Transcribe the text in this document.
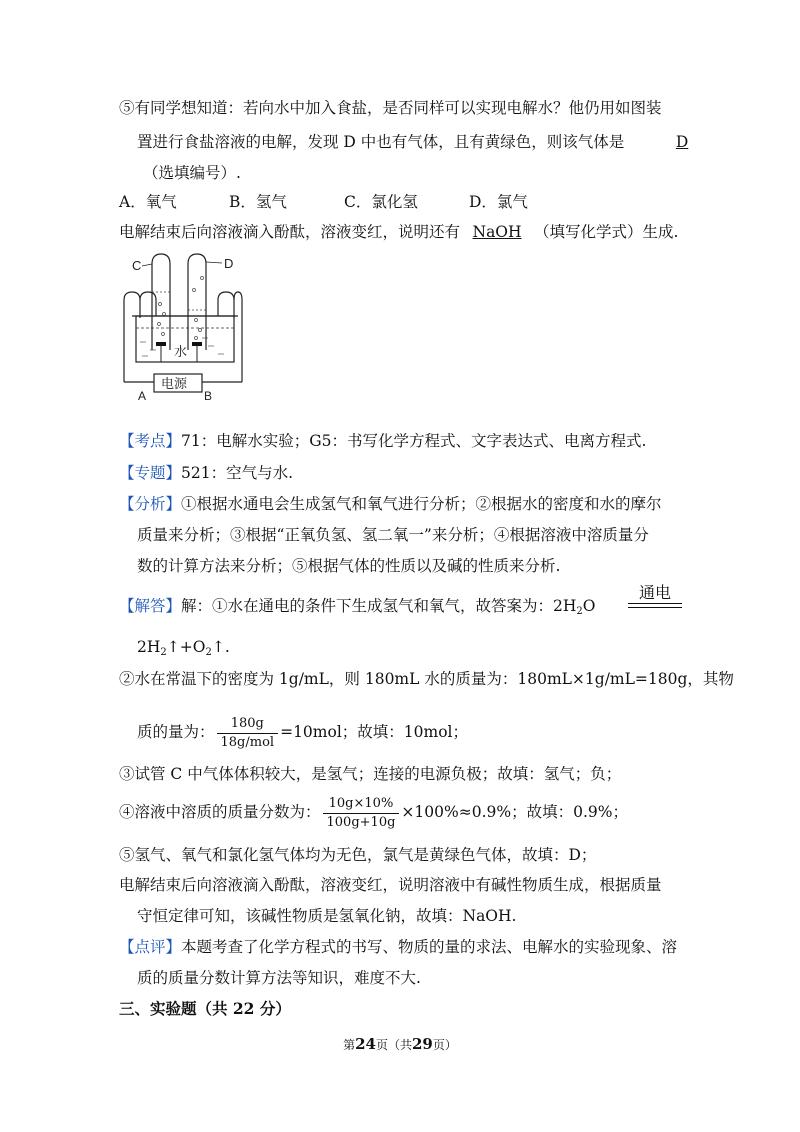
⑤有同学想知道：若向水中加入食盐，是否同样可以实现电解水？他仍用如图装
置进行食盐溶液的电解，发现 D 中也有气体，且有黄绿色，则该气体是	D
（选填编号）.
A．氧气	B．氢气	C．氯化氢	D．氯气
电解结束后向溶液滴入酚酞，溶液变红，说明还有 NaOH （填写化学式）生成.
C	D
水
电源
A	B
【考点】71：电解水实验；G5：书写化学方程式、文字表达式、电离方程式.
【专题】521：空气与水.
【分析】①根据水通电会生成氢气和氧气进行分析；②根据水的密度和水的摩尔
质量来分析；③根据“正氧负氢、氢二氧一”来分析；④根据溶液中溶质量分
数的计算方法来分析；⑤根据气体的性质以及碱的性质来分析.
【解答】解：①水在通电的条件下生成氢气和氧气，故答案为：$2H_2O$
通电
$2H_2↑+O_2↑$.
②水在常温下的密度为 1g/mL，则 180mL 水的质量为：180mL×1g/mL=180g，其物
质的量为： $\frac{180g}{\text{18g/mol}} =10mol$；故填：10mol；
③试管 C 中气体体积较大，是氢气；连接的电源负极；故填：氢气；负；
④溶液中溶质的质量分数为： $\frac{10g\times 10\%}{100g+10g} \times 100\%\approx 0.9\%$；故填：0.9%；
⑤氢气、氧气和氯化氢气体均为无色，氯气是黄绿色气体，故填：D；
电解结束后向溶液滴入酚酞，溶液变红，说明溶液中有碱性物质生成，根据质量
守恒定律可知，该碱性物质是氢氧化钠，故填：NaOH.
【点评】本题考查了化学方程式的书写、物质的量的求法、电解水的实验现象、溶
质的质量分数计算方法等知识，难度不大.
三、实验题（共 22 分）
第24页（共29页）
